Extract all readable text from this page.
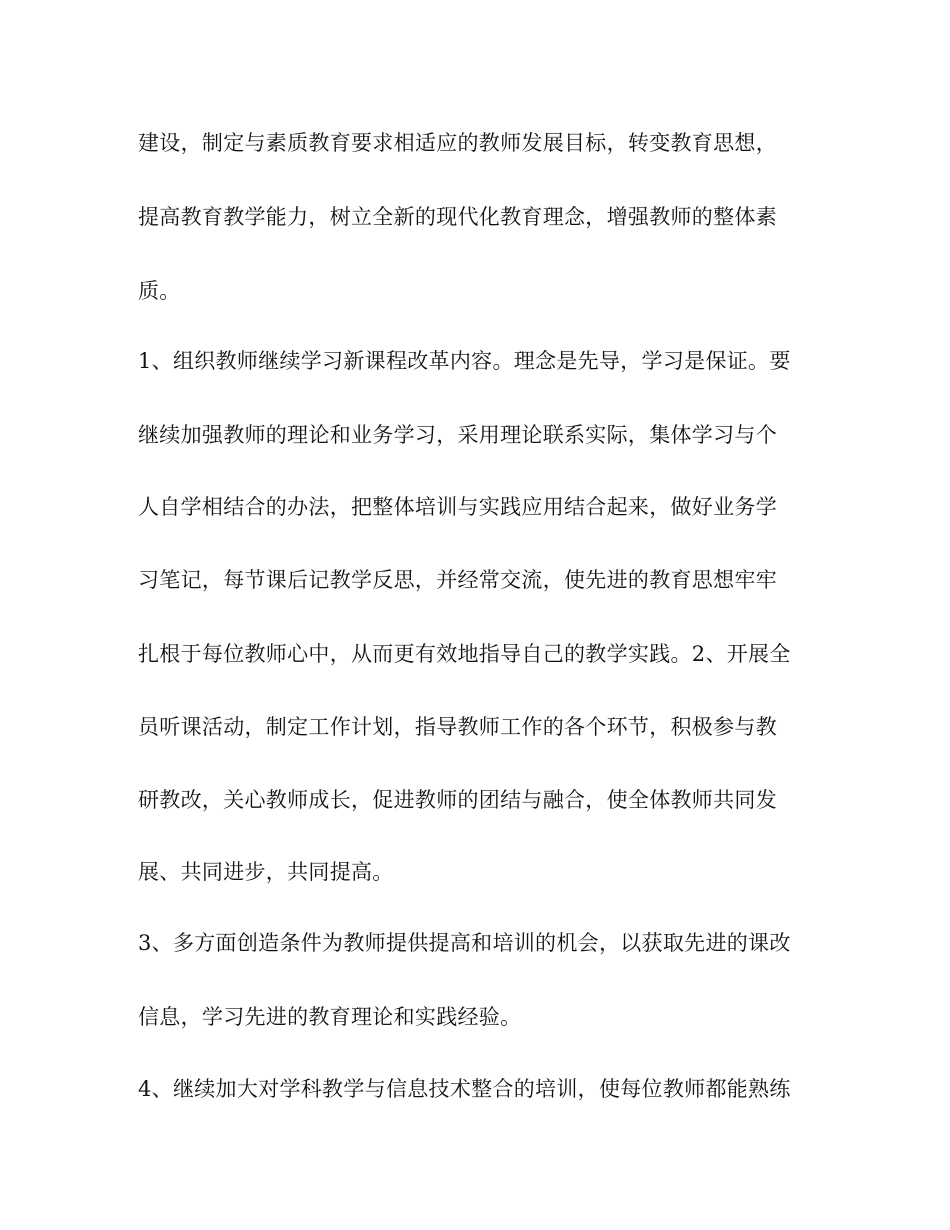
建设，制定与素质教育要求相适应的教师发展目标，转变教育思想，
提高教育教学能力，树立全新的现代化教育理念，增强教师的整体素
质。
1、组织教师继续学习新课程改革内容。理念是先导，学习是保证。要
继续加强教师的理论和业务学习，采用理论联系实际，集体学习与个
人自学相结合的办法，把整体培训与实践应用结合起来，做好业务学
习笔记，每节课后记教学反思，并经常交流，使先进的教育思想牢牢
扎根于每位教师心中，从而更有效地指导自己的教学实践。2、开展全
员听课活动，制定工作计划，指导教师工作的各个环节，积极参与教
研教改，关心教师成长，促进教师的团结与融合，使全体教师共同发
展、共同进步，共同提高。
3、多方面创造条件为教师提供提高和培训的机会，以获取先进的课改
信息，学习先进的教育理论和实践经验。
4、继续加大对学科教学与信息技术整合的培训，使每位教师都能熟练
